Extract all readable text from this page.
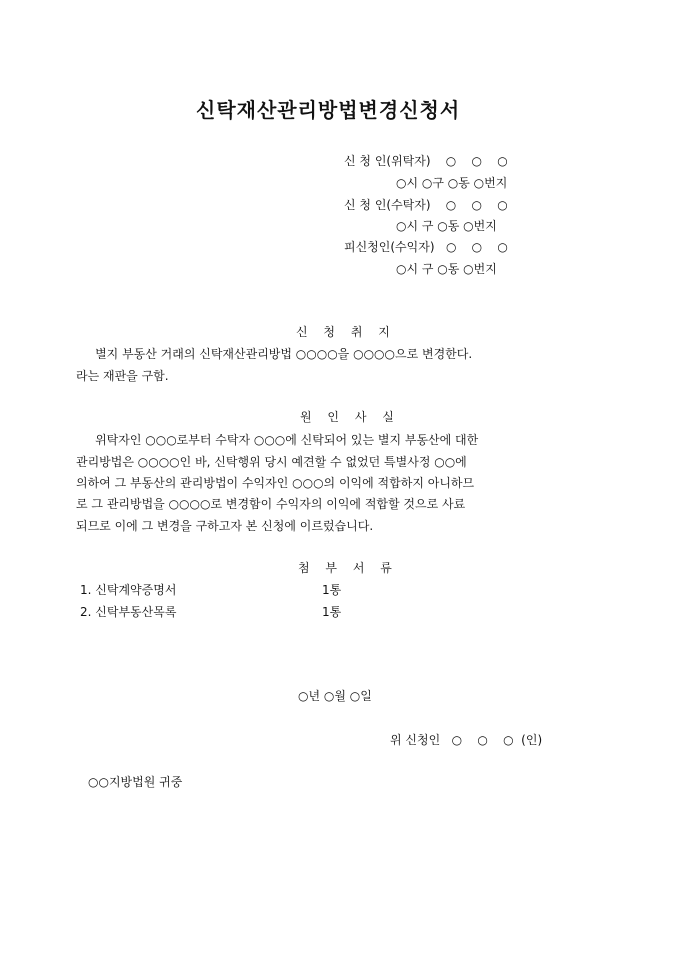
신탁재산관리방법변경신청서
신 청 인(위탁자)    ○    ○    ○
○시 ○구 ○동 ○번지
신 청 인(수탁자)    ○    ○    ○
○시 구 ○동 ○번지
피신청인(수익자)   ○    ○    ○
○시 구 ○동 ○번지
신 청 취 지
별지 부동산 거래의 신탁재산관리방법 ○○○○을 ○○○○으로 변경한다.
라는 재판을 구함.
원 인 사 실
위탁자인 ○○○로부터 수탁자 ○○○에 신탁되어 있는 별지 부동산에 대한
관리방법은 ○○○○인 바, 신탁행위 당시 예견할 수 없었던 특별사정 ○○에
의하여 그 부동산의 관리방법이 수익자인 ○○○의 이익에 적합하지 아니하므
로 그 관리방법을 ○○○○로 변경함이 수익자의 이익에 적합할 것으로 사료
되므로 이에 그 변경을 구하고자 본 신청에 이르렀습니다.
첨 부 서 류
1. 신탁계약증명서	1통
2. 신탁부동산목록	1통
○년 ○월 ○일
위 신청인   ○    ○    ○  (인)
○○지방법원 귀중
